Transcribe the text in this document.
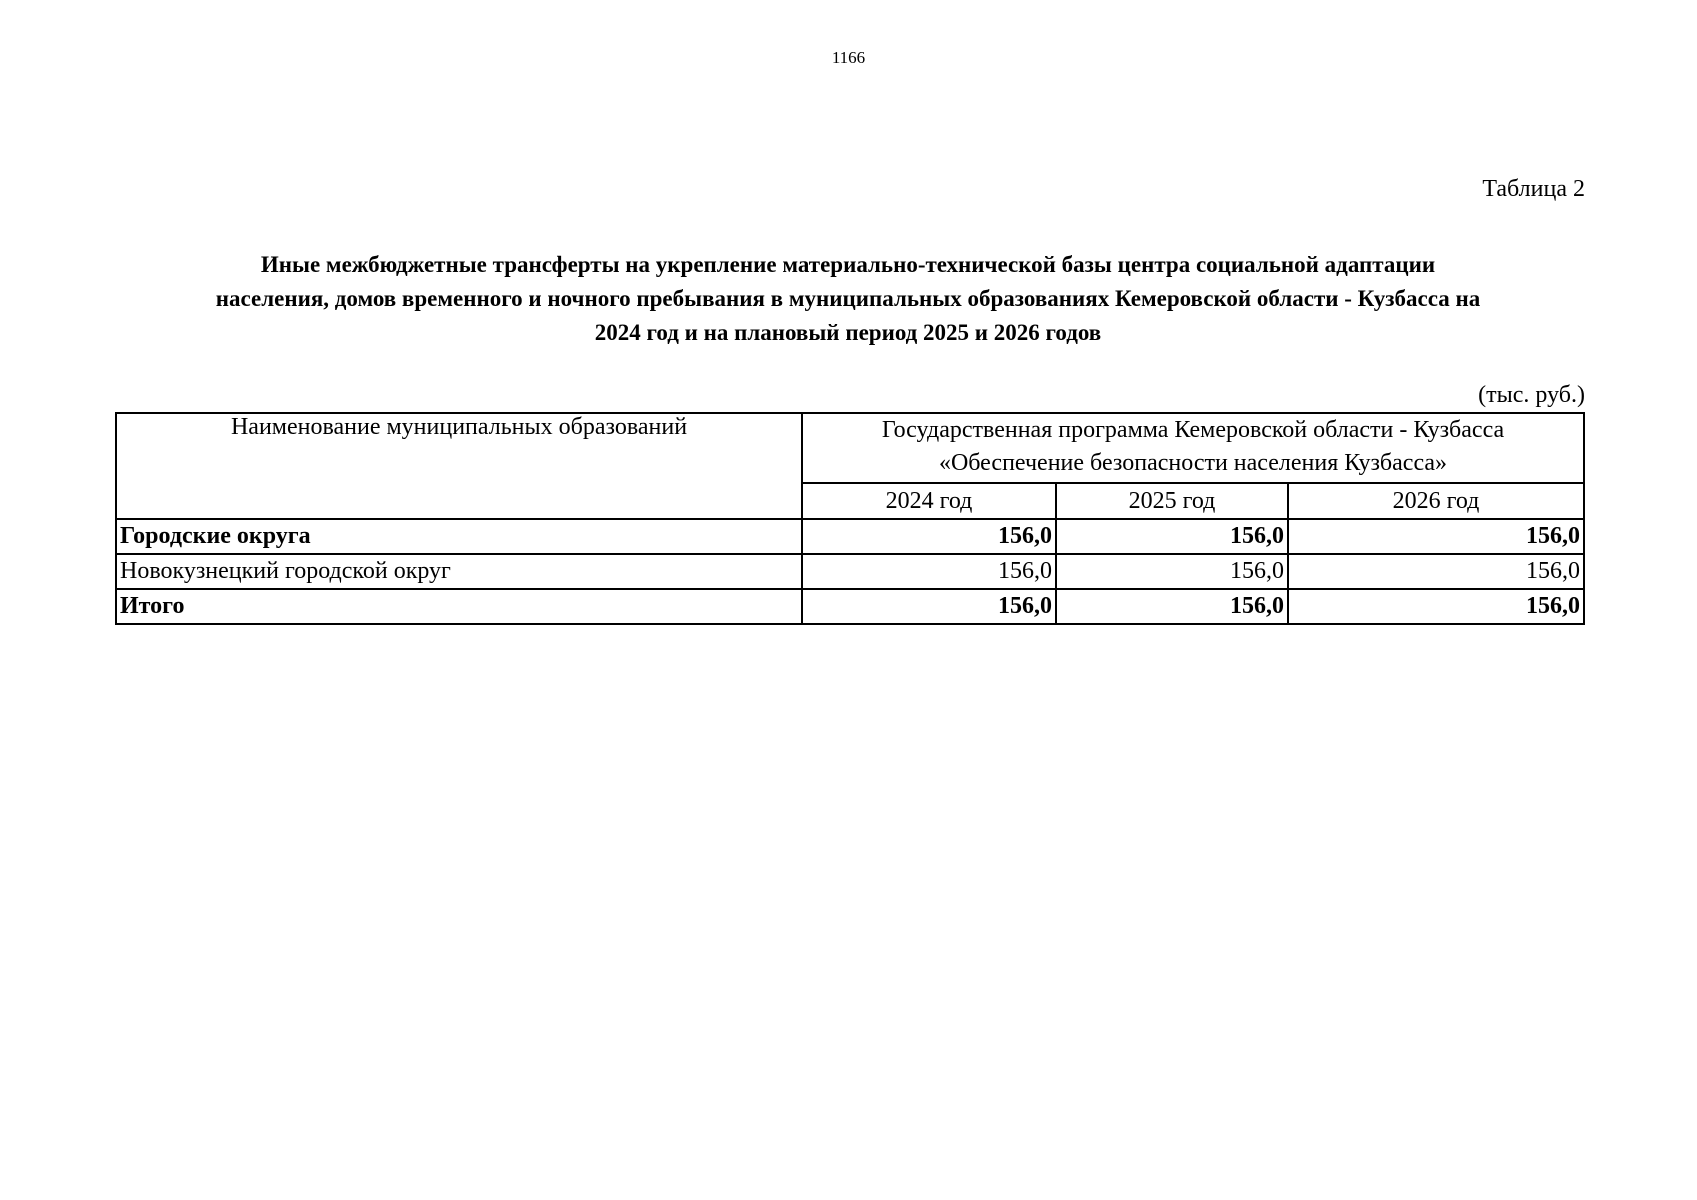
1166
Таблица 2
Иные межбюджетные трансферты на укрепление материально-технической базы центра социальной адаптации
населения, домов временного и ночного пребывания в муниципальных образованиях Кемеровской области - Кузбасса на
2024 год и на плановый период 2025 и 2026 годов
(тыс. руб.)
Наименование муниципальных образований	Государственная программа Кемеровской области - Кузбасса
«Обеспечение безопасности населения Кузбасса»		

	2024 год	2025 год	2026 год
Городские округа	156,0	156,0	156,0
Новокузнецкий городской округ	156,0	156,0	156,0
Итого	156,0	156,0	156,0
